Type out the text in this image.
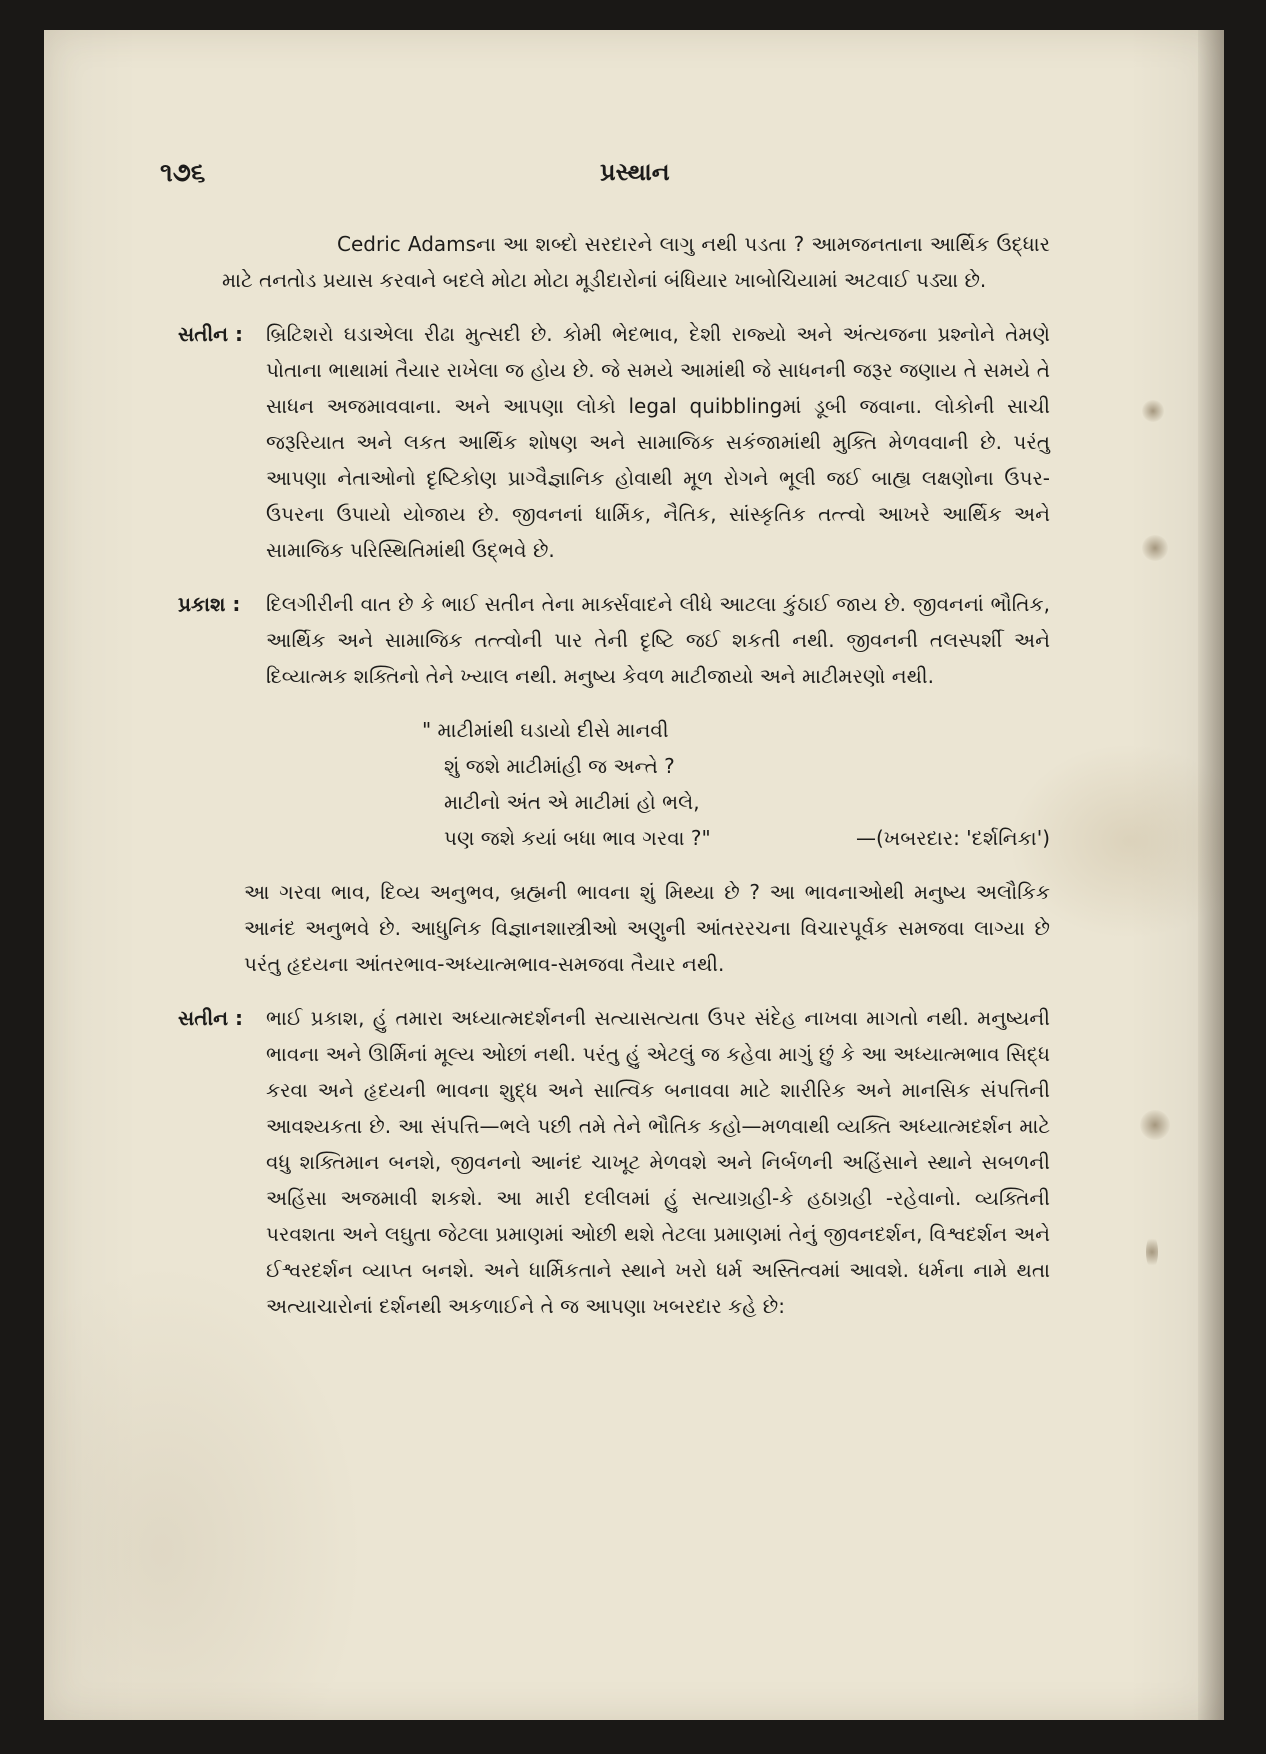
૧૭૬	પ્રસ્થાન

Cedric Adamsના આ શબ્દો સરદારને લાગુ નથી પડતા ? આમજનતાના આર્થિક ઉદ્ધાર માટે તનતોડ પ્રયાસ કરવાને બદલે મોટા મોટા મૂડીદારોનાં બંધિયાર ખાબોચિયામાં અટવાઈ પડ્યા છે.

સતીન :	બ્રિટિશરો ઘડાએલા રીઢા મુત્સદી છે. કોમી ભેદભાવ, દેશી રાજ્યો અને અંત્યજના પ્રશ્નોને તેમણે પોતાના ભાથામાં તૈયાર રાખેલા જ હોય છે. જે સમયે આમાંથી જે સાધનની જરૂર જણાય તે સમયે તે સાધન અજમાવવાના. અને આપણા લોકો legal quibblingમાં ડૂબી જવાના. લોકોની સાચી જરૂરિયાત અને લકત આર્થિક શોષણ અને સામાજિક સકંજામાંથી મુક્તિ મેળવવાની છે. પરંતુ આપણા નેતાઓનો દૃષ્ટિકોણ પ્રાગ્વૈજ્ઞાનિક હોવાથી મૂળ રોગને ભૂલી જઈ બાહ્ય લક્ષણોના ઉપર-ઉપરના ઉપાયો યોજાય છે. જીવનનાં ધાર્મિક, નૈતિક, સાંસ્કૃતિક તત્ત્વો આખરે આર્થિક અને સામાજિક પરિસ્થિતિમાંથી ઉદ્ભવે છે.

પ્રકાશ :	દિલગીરીની વાત છે કે ભાઈ સતીન તેના માર્ક્સવાદને લીધે આટલા કુંઠાઈ જાય છે. જીવનનાં ભૌતિક, આર્થિક અને સામાજિક તત્ત્વોની પાર તેની દૃષ્ટિ જઈ શકતી નથી. જીવનની તલસ્પર્શી અને દિવ્યાત્મક શક્તિનો તેને ખ્યાલ નથી. મનુષ્ય કેવળ માટીજાયો અને માટીમરણો નથી.

" માટીમાંથી ઘડાયો દીસે માનવી
શું જશે માટીમાંહી જ અન્તે ?
માટીનો અંત એ માટીમાં હો ભલે,
પણ જશે કયાં બધા ભાવ ગરવા ?"	—(ખબરદાર: 'દર્શનિકા')

આ ગરવા ભાવ, દિવ્ય અનુભવ, બ્રહ્મની ભાવના શું મિથ્યા છે ? આ ભાવનાઓથી મનુષ્ય અલૌકિક આનંદ અનુભવે છે. આધુનિક વિજ્ઞાનશાસ્ત્રીઓ અણુની આંતરરચના વિચારપૂર્વક સમજવા લાગ્યા છે પરંતુ હૃદયના આંતરભાવ-અધ્યાત્મભાવ-સમજવા તૈયાર નથી.

સતીન :	ભાઈ પ્રકાશ, હું તમારા અધ્યાત્મદર્શનની સત્યાસત્યતા ઉપર સંદેહ નાખવા માગતો નથી. મનુષ્યની ભાવના અને ઊર્મિનાં મૂલ્ય ઓછાં નથી. પરંતુ હું એટલું જ કહેવા માગું છું કે આ અધ્યાત્મભાવ સિદ્ધ કરવા અને હૃદયની ભાવના શુદ્ધ અને સાત્વિક બનાવવા માટે શારીરિક અને માનસિક સંપત્તિની આવશ્યકતા છે. આ સંપત્તિ—ભલે પછી તમે તેને ભૌતિક કહો—મળવાથી વ્યક્તિ અધ્યાત્મદર્શન માટે વધુ શક્તિમાન બનશે, જીવનનો આનંદ ચાખૂટ મેળવશે અને નિર્બળની અહિંસાને સ્થાને સબળની અહિંસા અજમાવી શકશે. આ મારી દલીલમાં હું સત્યાગ્રહી-કે હઠાગ્રહી -રહેવાનો. વ્યક્તિની પરવશતા અને લઘુતા જેટલા પ્રમાણમાં ઓછી થશે તેટલા પ્રમાણમાં તેનું જીવનદર્શન, વિશ્વદર્શન અને ઈશ્વરદર્શન વ્યાપ્ત બનશે. અને ધાર્મિકતાને સ્થાને ખરો ધર્મ અસ્તિત્વમાં આવશે. ધર્મના નામે થતા અત્યાચારોનાં દર્શનથી અકળાઈને તે જ આપણા ખબરદાર કહે છે:
